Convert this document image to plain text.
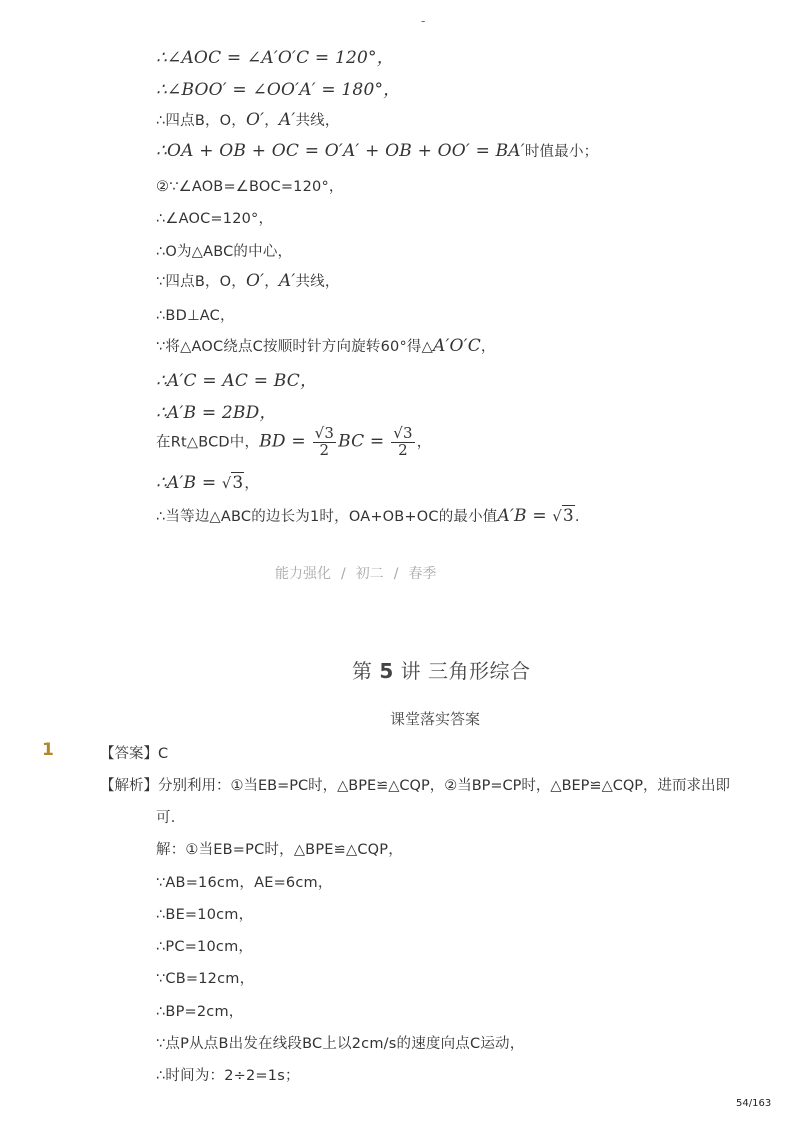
-
∴∠AOC = ∠A′O′C = 120°，
∴∠BOO′ = ∠OO′A′ = 180°，
∴四点B，O，O′，A′共线，
∴OA + OB + OC = O′A′ + OB + OO′ = BA′时值最小；
②∵∠AOB=∠BOC=120°，
∴∠AOC=120°，
∴O为△ABC的中心，
∵四点B，O，O′，A′共线，
∴BD⊥AC，
∵将△AOC绕点C按顺时针方向旋转60°得△A′O′C，
∴A′C = AC = BC，
∴A′B = 2BD，
在Rt△BCD中，BD = $\frac{√3}{2}$ BC = $\frac{√3}{2}$ ，
∴A′B = √3，
∴当等边△ABC的边长为1时，OA+OB+OC的最小值A′B = √3.
能力强化 / 初二 / 春季
第 5 讲 三角形综合
课堂落实答案
1	【答案】C
【解析】分别利用：①当EB=PC时，△BPE≌△CQP，②当BP=CP时，△BEP≌△CQP，进而求出即
可．
解：①当EB=PC时，△BPE≌△CQP，
∵AB=16cm，AE=6cm，
∴BE=10cm，
∴PC=10cm，
∵CB=12cm，
∴BP=2cm，
∵点P从点B出发在线段BC上以2cm/s的速度向点C运动，
∴时间为：2÷2=1s；
54/163
